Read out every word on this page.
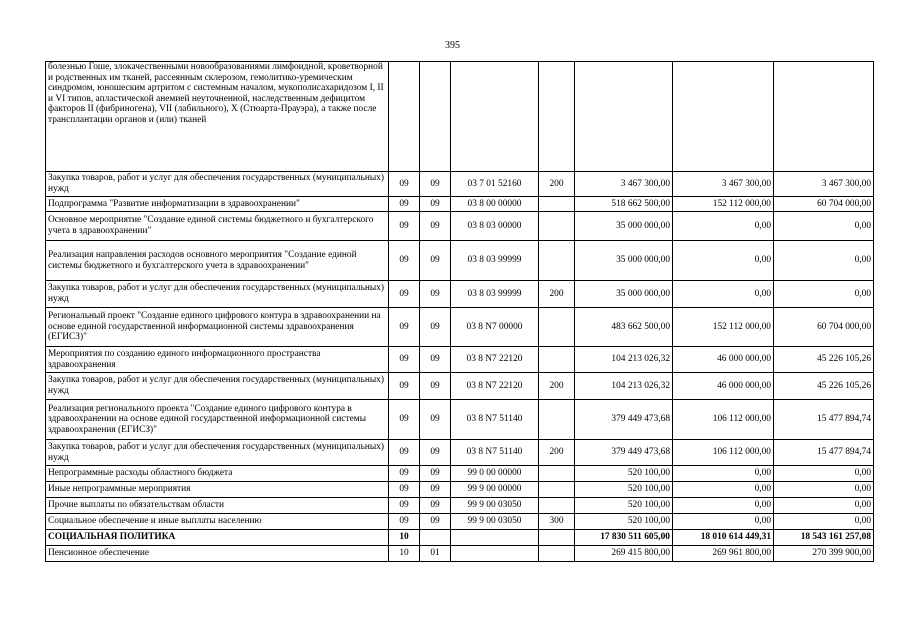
395
болезнью Гоше, злокачественными новообразованиями лимфоидной, кроветворной и родственных им тканей, рассеянным склерозом, гемолитико-уремическим синдромом, юношеским артритом с системным началом, мукополисахаридозом I, II и VI типов, апластической анемией неуточненной, наследственным дефицитом факторов II (фибриногена), VII (лабильного), X (Стюарта-Прауэра), а также после трансплантации органов и (или) тканей							
Закупка товаров, работ и услуг для обеспечения государственных (муниципальных) нужд	09	09	03 7 01 52160	200	3 467 300,00	3 467 300,00	3 467 300,00
Подпрограмма "Развитие информатизации в здравоохранении"	09	09	03 8 00 00000		518 662 500,00	152 112 000,00	60 704 000,00
Основное мероприятие "Создание единой системы бюджетного и бухгалтерского учета в здравоохранении"	09	09	03 8 03 00000		35 000 000,00	0,00	0,00
Реализация направления расходов основного мероприятия "Создание единой системы бюджетного и бухгалтерского учета в здравоохранении"	09	09	03 8 03 99999		35 000 000,00	0,00	0,00
Закупка товаров, работ и услуг для обеспечения государственных (муниципальных) нужд	09	09	03 8 03 99999	200	35 000 000,00	0,00	0,00
Региональный проект "Создание единого цифрового контура в здравоохранении на основе единой государственной информационной системы здравоохранения (ЕГИСЗ)"	09	09	03 8 N7 00000		483 662 500,00	152 112 000,00	60 704 000,00
Мероприятия по созданию единого информационного пространства здравоохранения	09	09	03 8 N7 22120		104 213 026,32	46 000 000,00	45 226 105,26
Закупка товаров, работ и услуг для обеспечения государственных (муниципальных) нужд	09	09	03 8 N7 22120	200	104 213 026,32	46 000 000,00	45 226 105,26
Реализация регионального проекта "Создание единого цифрового контура в здравоохранении на основе единой государственной информационной системы здравоохранения (ЕГИСЗ)"	09	09	03 8 N7 51140		379 449 473,68	106 112 000,00	15 477 894,74
Закупка товаров, работ и услуг для обеспечения государственных (муниципальных) нужд	09	09	03 8 N7 51140	200	379 449 473,68	106 112 000,00	15 477 894,74
Непрограммные расходы областного бюджета	09	09	99 0 00 00000		520 100,00	0,00	0,00
Иные непрограммные мероприятия	09	09	99 9 00 00000		520 100,00	0,00	0,00
Прочие выплаты по обязательствам области	09	09	99 9 00 03050		520 100,00	0,00	0,00
Социальное обеспечение и иные выплаты населению	09	09	99 9 00 03050	300	520 100,00	0,00	0,00
СОЦИАЛЬНАЯ ПОЛИТИКА	10				17 830 511 605,00	18 010 614 449,31	18 543 161 257,08
Пенсионное обеспечение	10	01			269 415 800,00	269 961 800,00	270 399 900,00
